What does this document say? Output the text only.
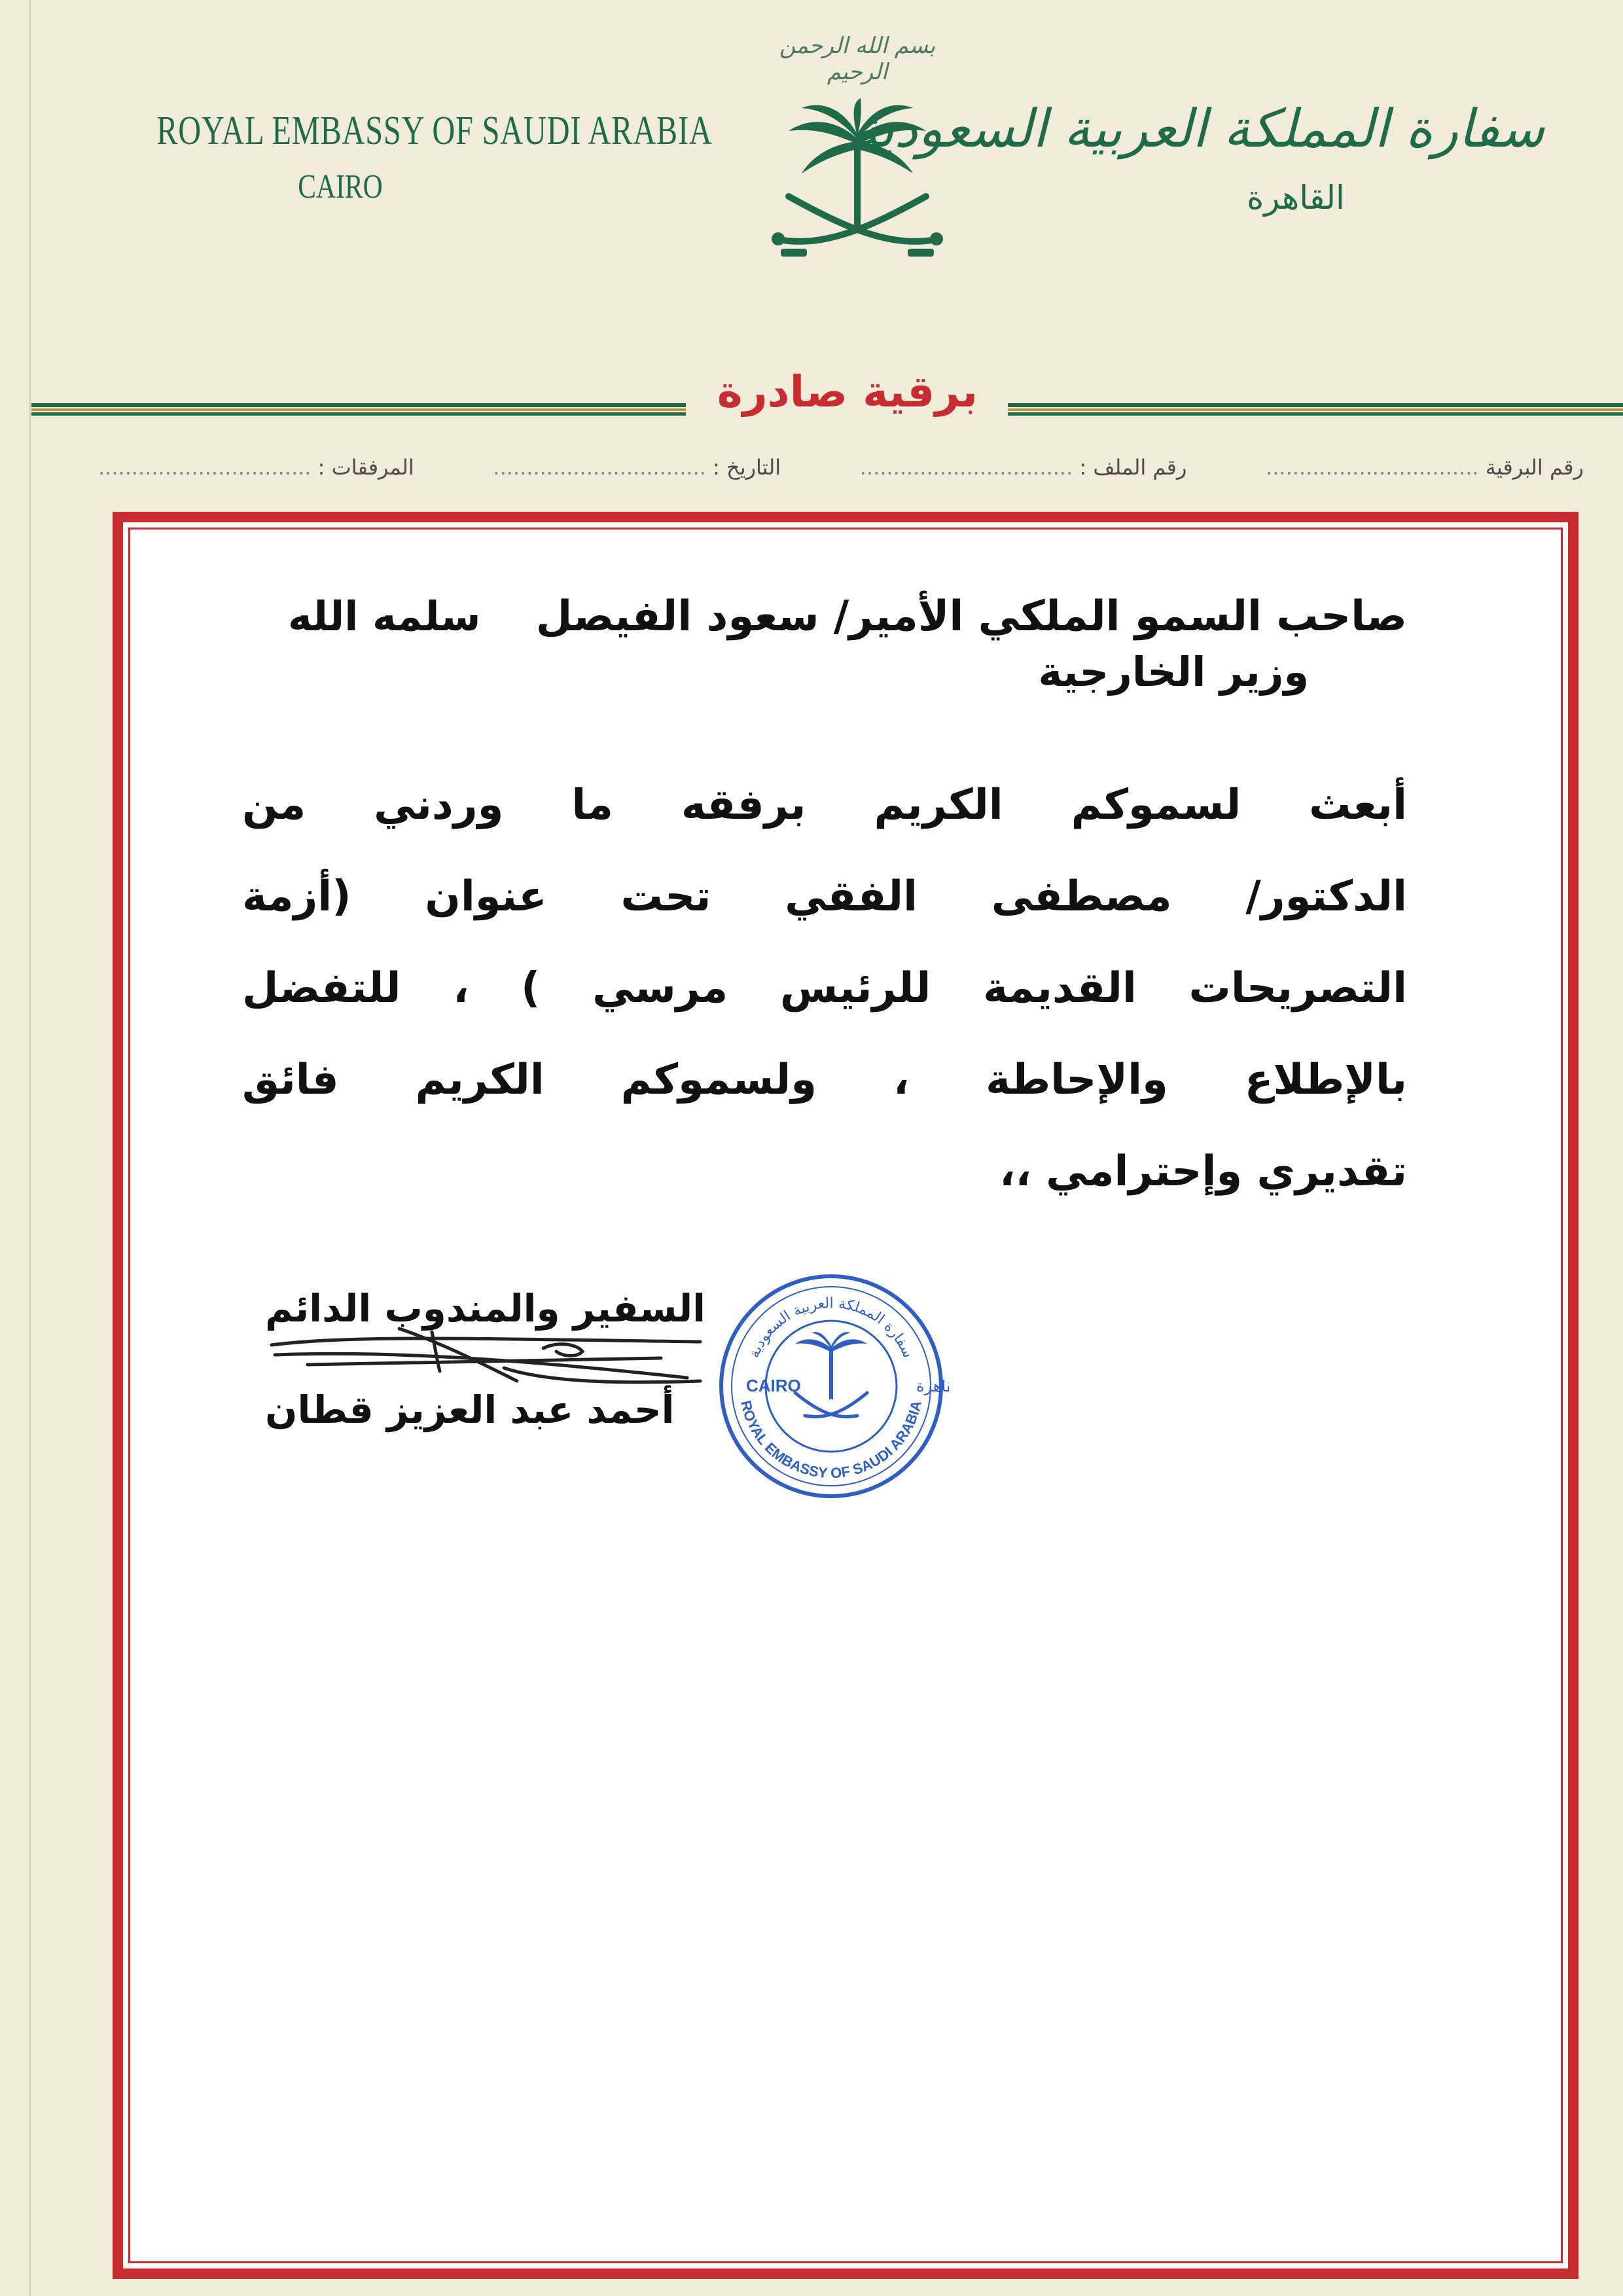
ROYAL EMBASSY OF SAUDI ARABIA
CAIRO
بسم الله الرحمن الرحيم
سفارة المملكة العربية السعودية
القاهرة
برقية صادرة
رقم البرقية ................................
رقم الملف : ................................
التاريخ : ................................
المرفقات : ................................
صاحب السمو الملكي الأمير/ سعود الفيصل
سلمه الله
وزير الخارجية
أبعث لسموكم الكريم برفقه ما وردني من
الدكتور/ مصطفى الفقي تحت عنوان (أزمة
التصريحات القديمة للرئيس مرسي ) ، للتفضل
بالإطلاع والإحاطة ، ولسموكم الكريم فائق
تقديري وإحترامي ،،
السفير والمندوب الدائم
أحمد عبد العزيز قطان
سفارة المملكة العربية السعودية
ROYAL EMBASSY OF SAUDI ARABIA
CAIRO	اهرة
